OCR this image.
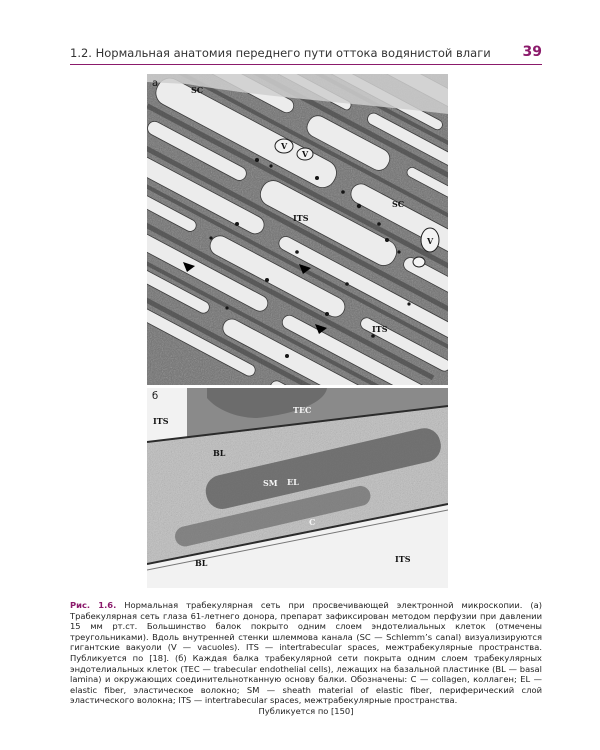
1.2. Нормальная анатомия переднего пути оттока водянистой влаги 39
а
SC
V
V
SC
V
ITS
ITS
б
ITS
TEC
BL
SM EL
C
BL	ITS
Рис. 1.6. Нормальная трабекулярная сеть при просвечивающей электронной микроскопии. (а) Трабекулярная сеть глаза 61-летнего донора, препарат зафиксирован методом перфузии при давлении 15 мм рт.ст. Большинство балок покрыто одним слоем эндотелиальных клеток (отмечены треугольниками). Вдоль внутренней стенки шлеммова канала (SC — Schlemm’s canal) визуализируются гигантские вакуоли (V — vacuoles). ITS — intertrabecular spaces, межтрабекулярные пространства. Публикуется по [18]. (б) Каждая балка трабекулярной сети покрыта одним слоем трабекулярных эндотелиальных клеток (TEC — trabecular endothelial cells), лежащих на базальной пластинке (BL — basal lamina) и окружающих соединительнотканную основу балки. Обозначены: C — collagen, коллаген; EL — elastic fiber, эластическое волокно; SM — sheath material of elastic fiber, периферический слой эластического волокна; ITS — intertrabecular spaces, межтрабекулярные пространства.
Публикуется по [150]
